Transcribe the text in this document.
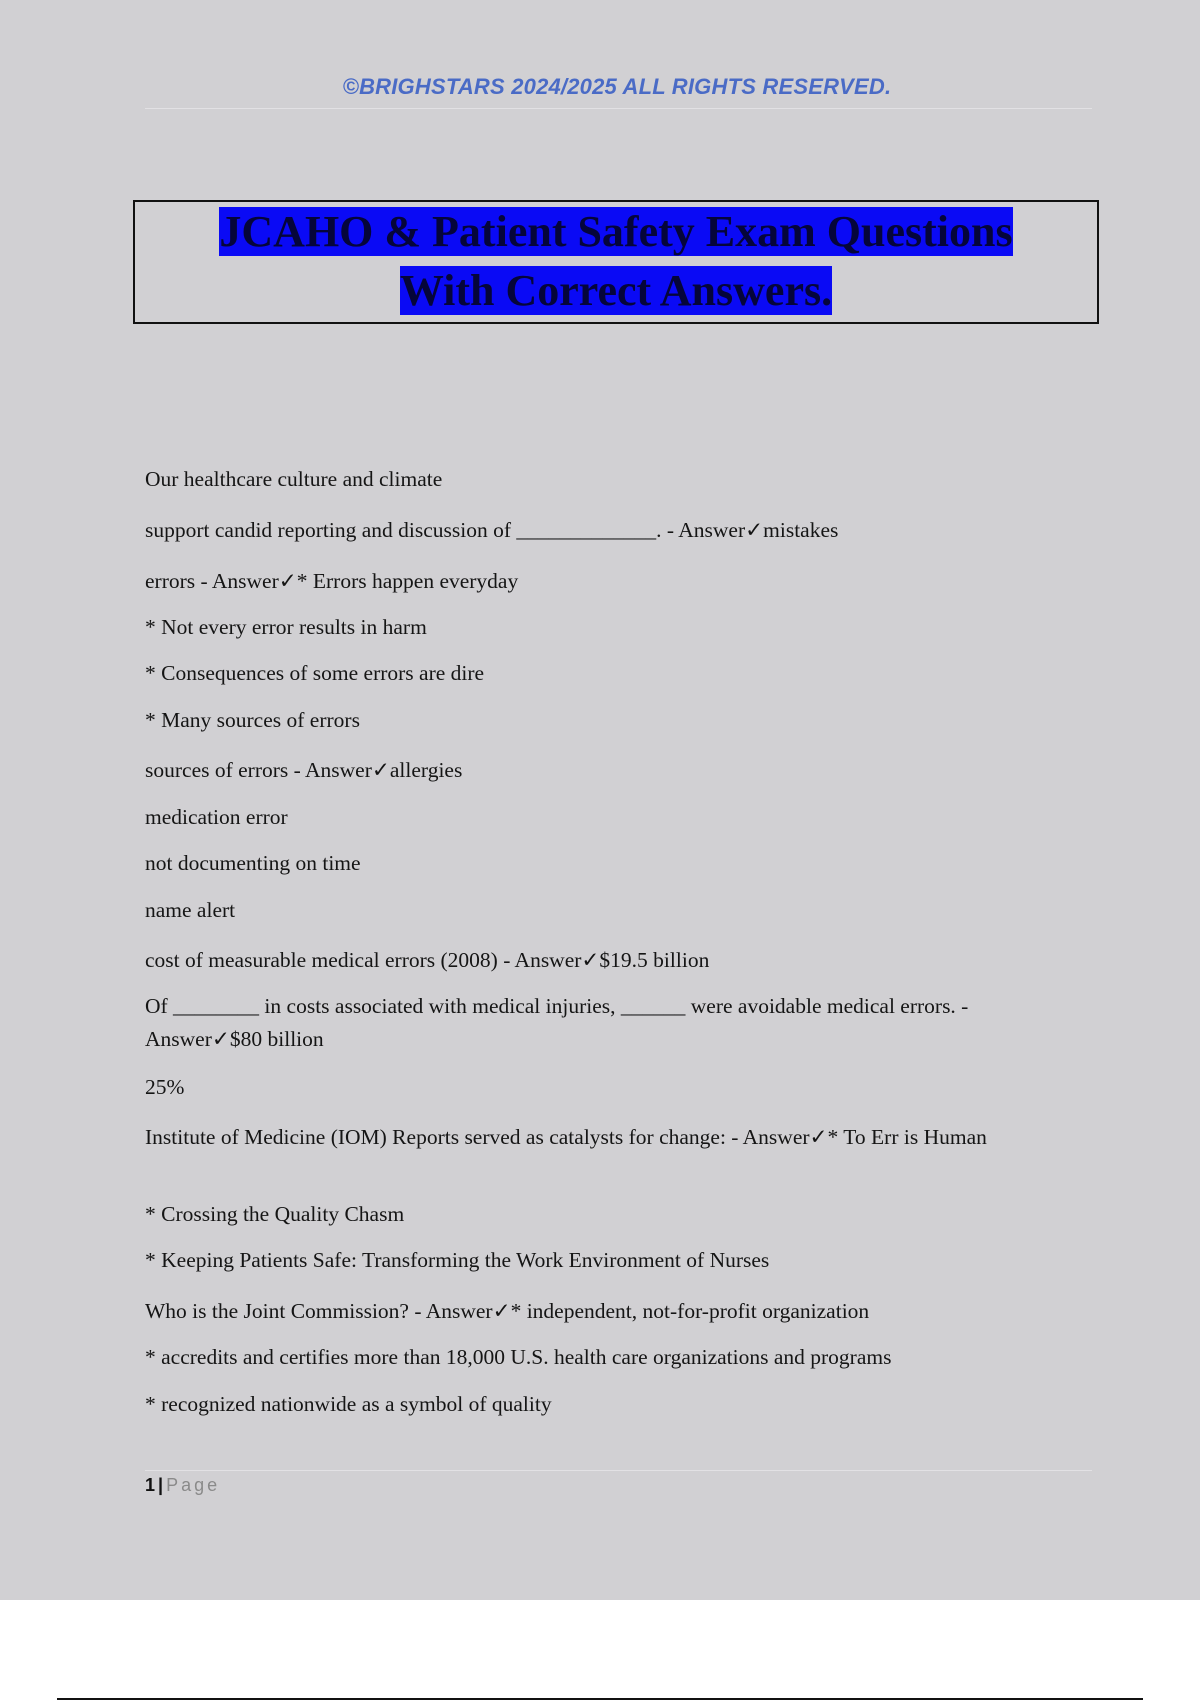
©BRIGHSTARS 2024/2025 ALL RIGHTS RESERVED.
JCAHO & Patient Safety Exam Questions
With Correct Answers.

Our healthcare culture and climate

support candid reporting and discussion of _____________. - Answer✓mistakes

errors - Answer✓* Errors happen everyday

* Not every error results in harm

* Consequences of some errors are dire

* Many sources of errors

sources of errors - Answer✓allergies

medication error

not documenting on time

name alert

cost of measurable medical errors (2008) - Answer✓$19.5 billion

Of ________ in costs associated with medical injuries, ______ were avoidable medical errors. - Answer✓$80 billion

25%

Institute of Medicine (IOM) Reports served as catalysts for change: - Answer✓* To Err is Human

* Crossing the Quality Chasm

* Keeping Patients Safe: Transforming the Work Environment of Nurses

Who is the Joint Commission? - Answer✓* independent, not-for-profit organization

* accredits and certifies more than 18,000 U.S. health care organizations and programs

* recognized nationwide as a symbol of quality

1 | Page
